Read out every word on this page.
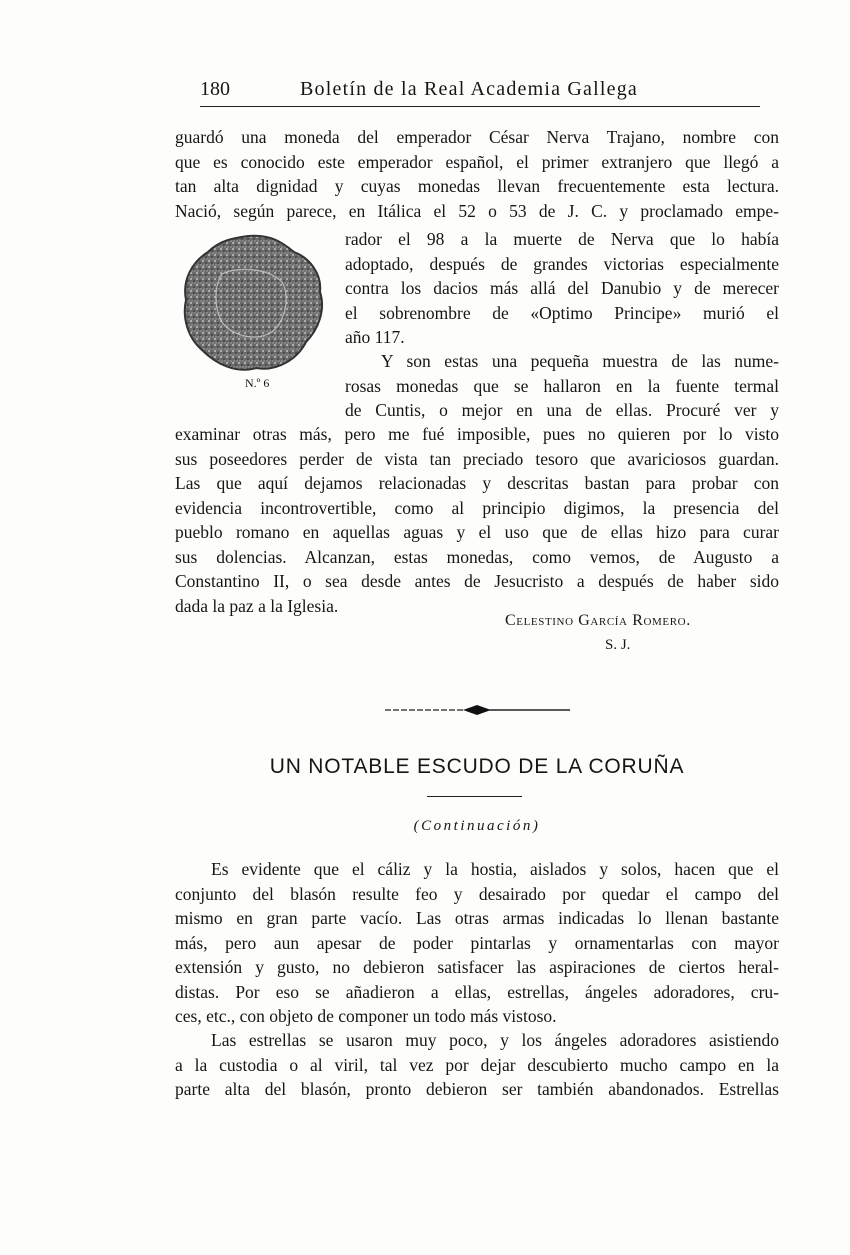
180	Boletín de la Real Academia Gallega

guardó una moneda del emperador César Nerva Trajano, nombre con
que es conocido este emperador español, el primer extranjero que llegó a
tan alta dignidad y cuyas monedas llevan frecuentemente esta lectura.
Nació, según parece, en Itálica el 52 o 53 de J. C. y proclamado empe-

N.º 6

rador el 98 a la muerte de Nerva que lo había
adoptado, después de grandes victorias especialmente
contra los dacios más allá del Danubio y de merecer
el sobrenombre de «Optimo Principe» murió el
año 117.

Y son estas una pequeña muestra de las nume-
rosas monedas que se hallaron en la fuente termal
de Cuntis, o mejor en una de ellas. Procuré ver y

examinar otras más, pero me fué imposible, pues no quieren por lo visto
sus poseedores perder de vista tan preciado tesoro que avariciosos guardan.
Las que aquí dejamos relacionadas y descritas bastan para probar con
evidencia incontrovertible, como al principio digimos, la presencia del
pueblo romano en aquellas aguas y el uso que de ellas hizo para curar
sus dolencias. Alcanzan, estas monedas, como vemos, de Augusto a
Constantino II, o sea desde antes de Jesucristo a después de haber sido
dada la paz a la Iglesia.

Celestino García Romero.
S. J.
UN NOTABLE ESCUDO DE LA CORUÑA
(Continuación)

Es evidente que el cáliz y la hostia, aislados y solos, hacen que el
conjunto del blasón resulte feo y desairado por quedar el campo del
mismo en gran parte vacío. Las otras armas indicadas lo llenan bastante
más, pero aun apesar de poder pintarlas y ornamentarlas con mayor
extensión y gusto, no debieron satisfacer las aspiraciones de ciertos heral-
distas. Por eso se añadieron a ellas, estrellas, ángeles adoradores, cru-
ces, etc., con objeto de componer un todo más vistoso.

Las estrellas se usaron muy poco, y los ángeles adoradores asistiendo
a la custodia o al viril, tal vez por dejar descubierto mucho campo en la
parte alta del blasón, pronto debieron ser también abandonados. Estrellas
